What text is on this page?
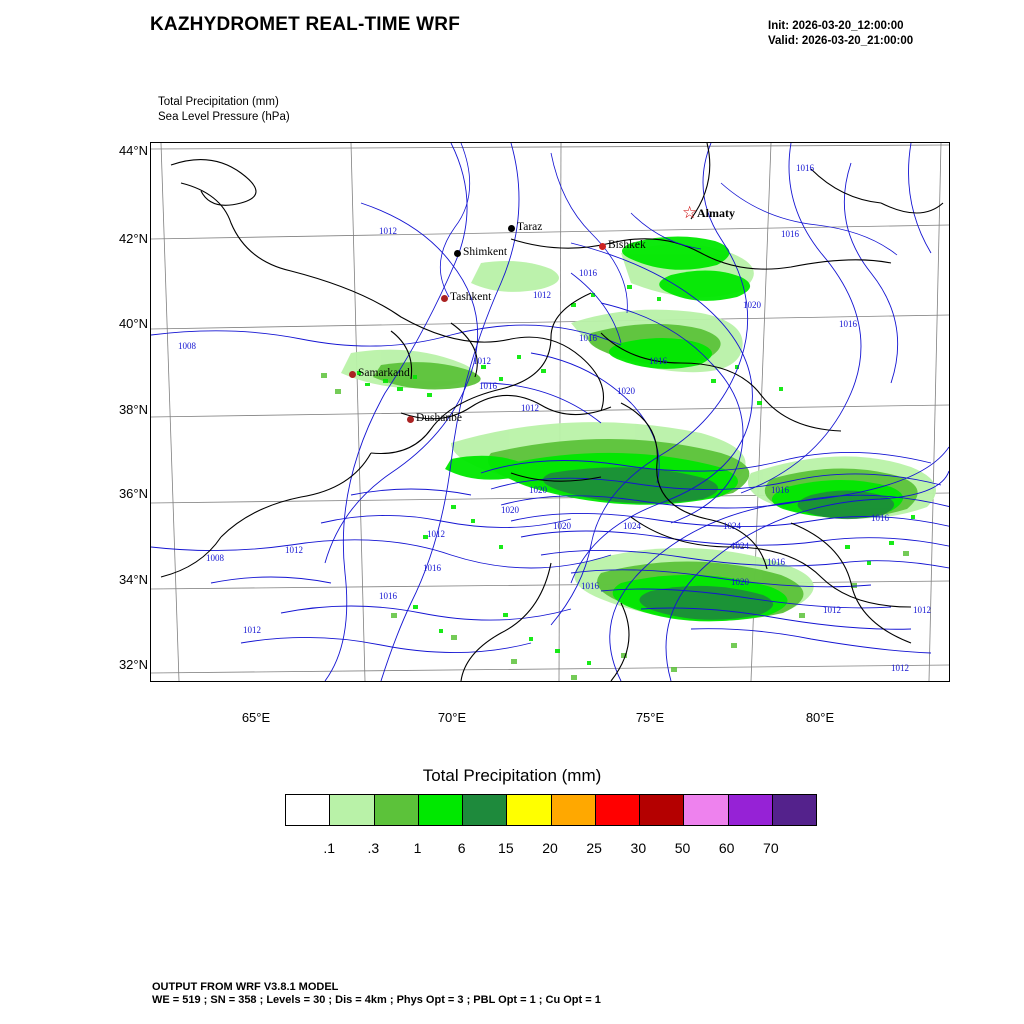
KAZHYDROMET REAL-TIME WRF	Init: 2026-03-20_12:00:00
Valid: 2026-03-20_21:00:00
Total Precipitation (mm)
Sea Level Pressure (hPa)
1016
1012	1016
1016
1012
1020
1016
1016
1008
1016
1012
1016	1020
1012
1020	1016
1016
1020
1020	1024	1024
1024
1016
1008
1012
1016
1012
1020
1016
1016
1012
1012	1012
1012
☆ Almaty
Taraz
Bishkek
Shimkent
Tashkent
Samarkand
Dushanbe
44°N
42°N
40°N
38°N
36°N
34°N
32°N
65°E	70°E	75°E	80°E
Total Precipitation (mm)
.1 .3 1	6 15 20 25 30 50 60 70
OUTPUT FROM WRF V3.8.1 MODEL
WE = 519 ; SN = 358 ; Levels = 30 ; Dis = 4km ; Phys Opt = 3 ; PBL Opt = 1 ; Cu Opt = 1
